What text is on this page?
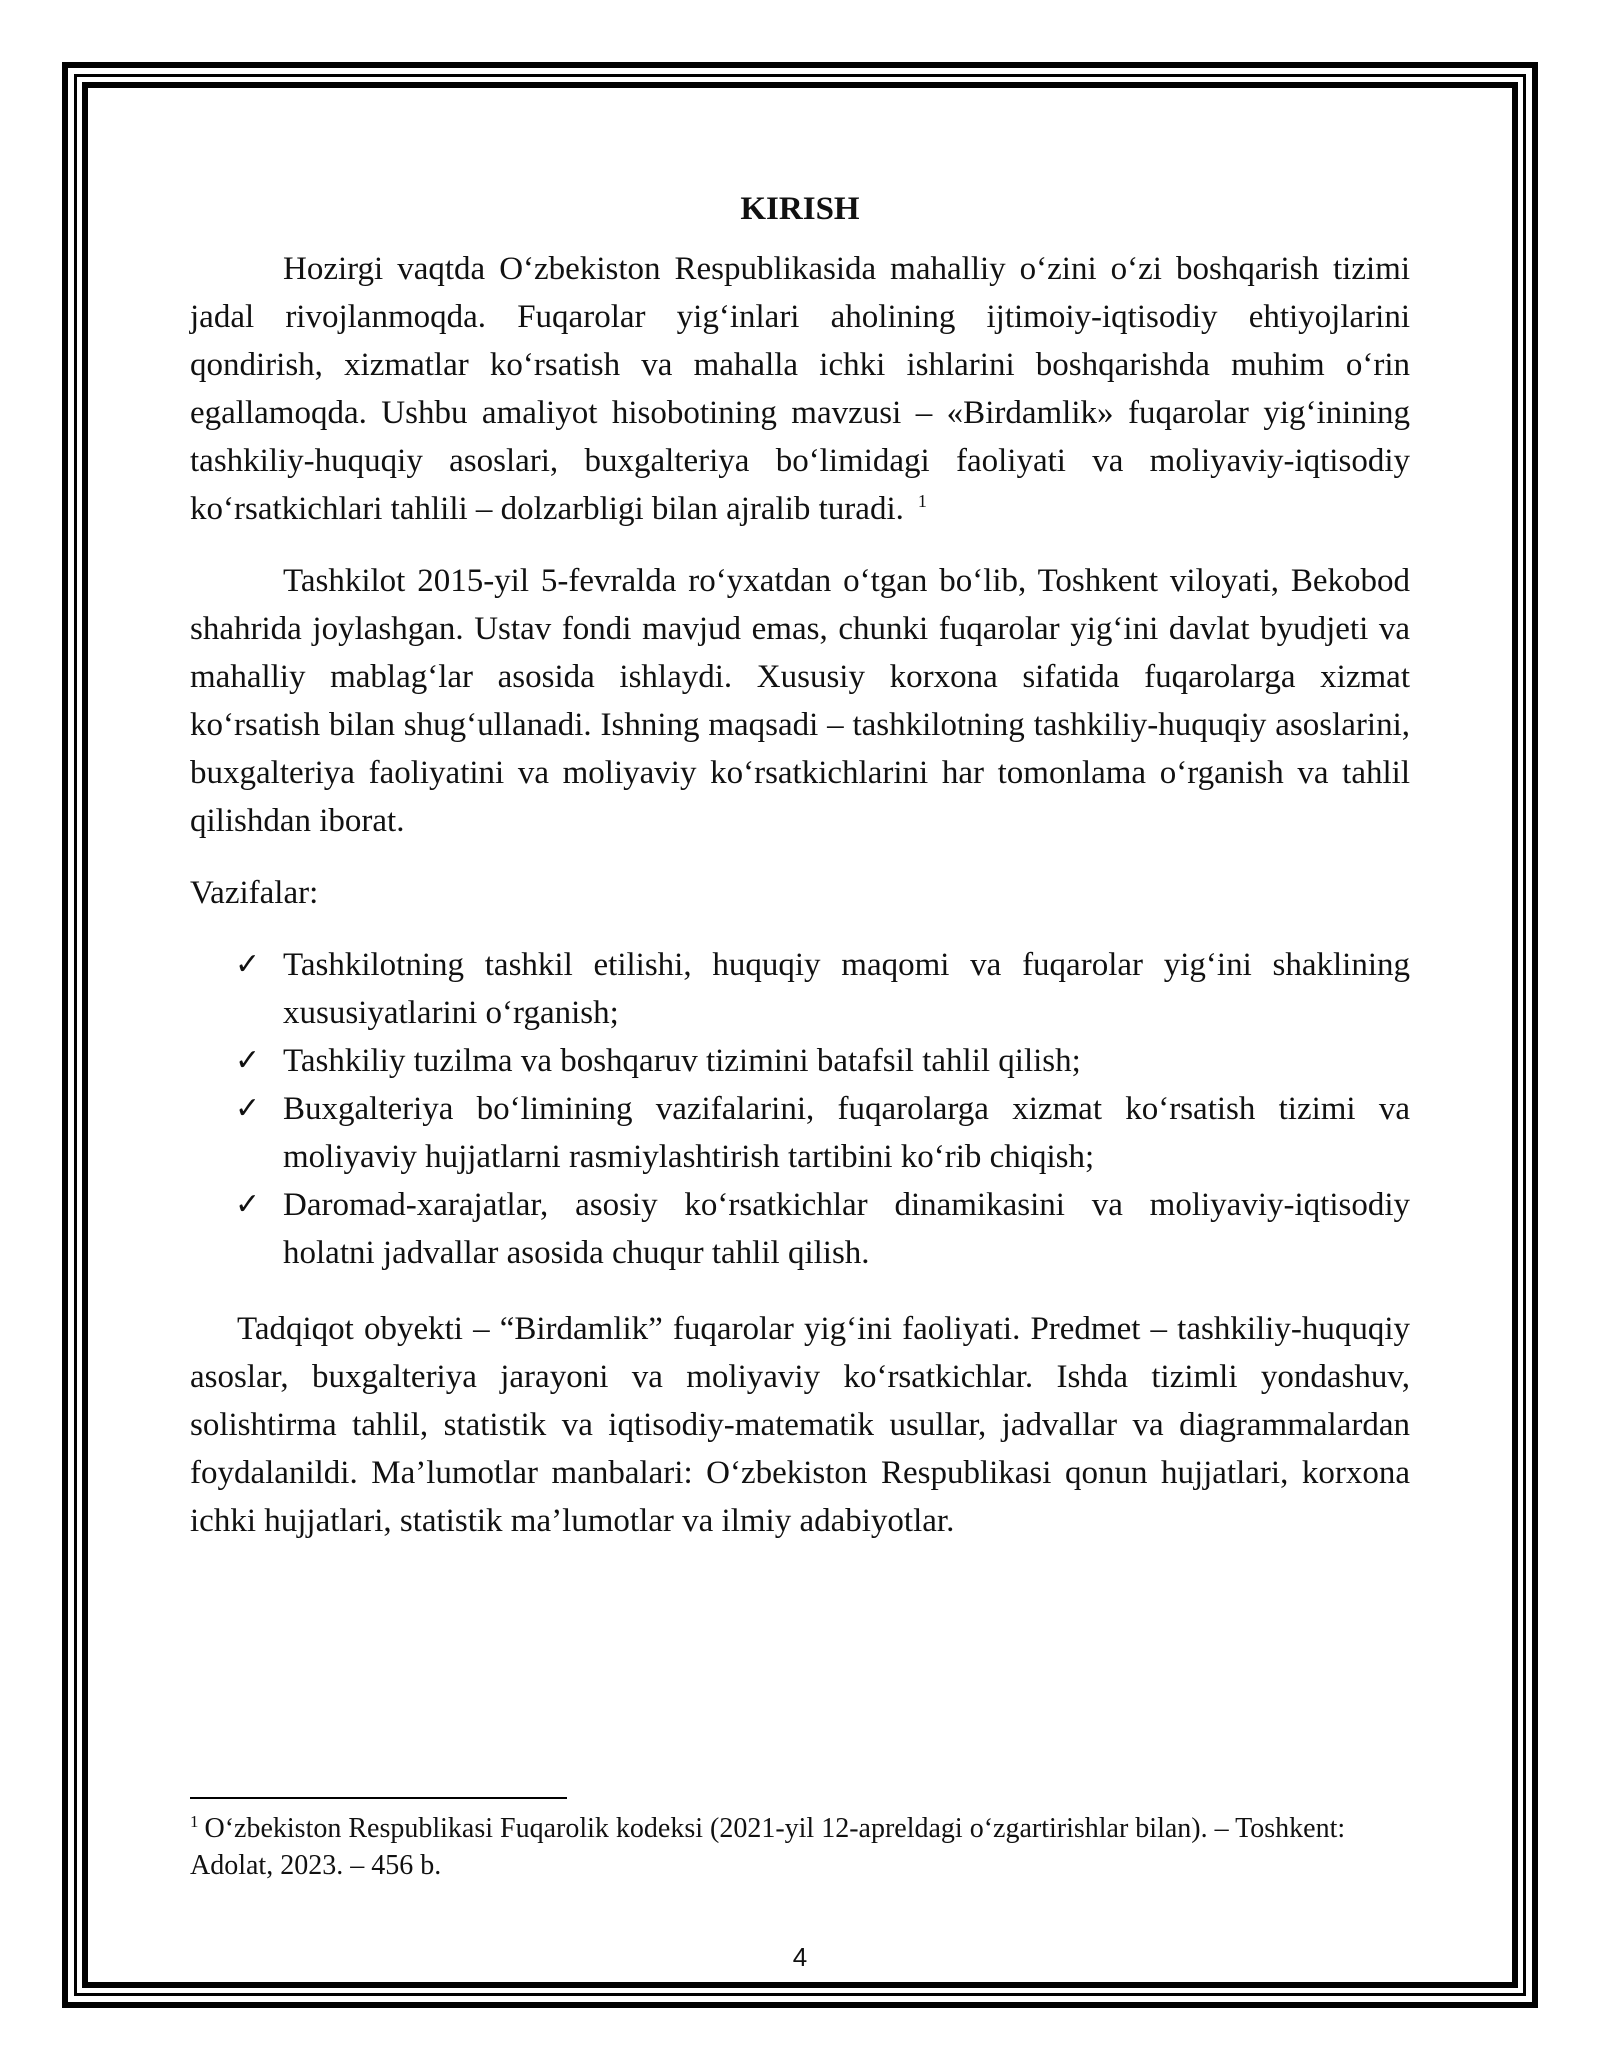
KIRISH

Hozirgi vaqtda O‘zbekiston Respublikasida mahalliy o‘zini o‘zi boshqarish tizimi jadal rivojlanmoqda. Fuqarolar yig‘inlari aholining ijtimoiy-iqtisodiy ehtiyojlarini qondirish, xizmatlar ko‘rsatish va mahalla ichki ishlarini boshqarishda muhim o‘rin egallamoqda. Ushbu amaliyot hisobotining mavzusi – «Birdamlik» fuqarolar yig‘inining tashkiliy-huquqiy asoslari, buxgalteriya bo‘limidagi faoliyati va moliyaviy-iqtisodiy ko‘rsatkichlari tahlili – dolzarbligi bilan ajralib turadi. $^1$

Tashkilot 2015-yil 5-fevralda ro‘yxatdan o‘tgan bo‘lib, Toshkent viloyati, Bekobod shahrida joylashgan. Ustav fondi mavjud emas, chunki fuqarolar yig‘ini davlat byudjeti va mahalliy mablag‘lar asosida ishlaydi. Xususiy korxona sifatida fuqarolarga xizmat ko‘rsatish bilan shug‘ullanadi. Ishning maqsadi – tashkilotning tashkiliy-huquqiy asoslarini, buxgalteriya faoliyatini va moliyaviy ko‘rsatkichlarini har tomonlama o‘rganish va tahlil qilishdan iborat.

Vazifalar:

✓ Tashkilotning tashkil etilishi, huquqiy maqomi va fuqarolar yig‘ini shaklining xususiyatlarini o‘rganish;
✓ Tashkiliy tuzilma va boshqaruv tizimini batafsil tahlil qilish;
✓ Buxgalteriya bo‘limining vazifalarini, fuqarolarga xizmat ko‘rsatish tizimi va moliyaviy hujjatlarni rasmiylashtirish tartibini ko‘rib chiqish;
✓ Daromad-xarajatlar, asosiy ko‘rsatkichlar dinamikasini va moliyaviy-iqtisodiy holatni jadvallar asosida chuqur tahlil qilish.

Tadqiqot obyekti – “Birdamlik” fuqarolar yig‘ini faoliyati. Predmet – tashkiliy-huquqiy asoslar, buxgalteriya jarayoni va moliyaviy ko‘rsatkichlar. Ishda tizimli yondashuv, solishtirma tahlil, statistik va iqtisodiy-matematik usullar, jadvallar va diagrammalardan foydalanildi. Ma’lumotlar manbalari: O‘zbekiston Respublikasi qonun hujjatlari, korxona ichki hujjatlari, statistik ma’lumotlar va ilmiy adabiyotlar.

$^1$ O‘zbekiston Respublikasi Fuqarolik kodeksi (2021-yil 12-apreldagi o‘zgartirishlar bilan). – Toshkent: Adolat, 2023. – 456 b.
4
